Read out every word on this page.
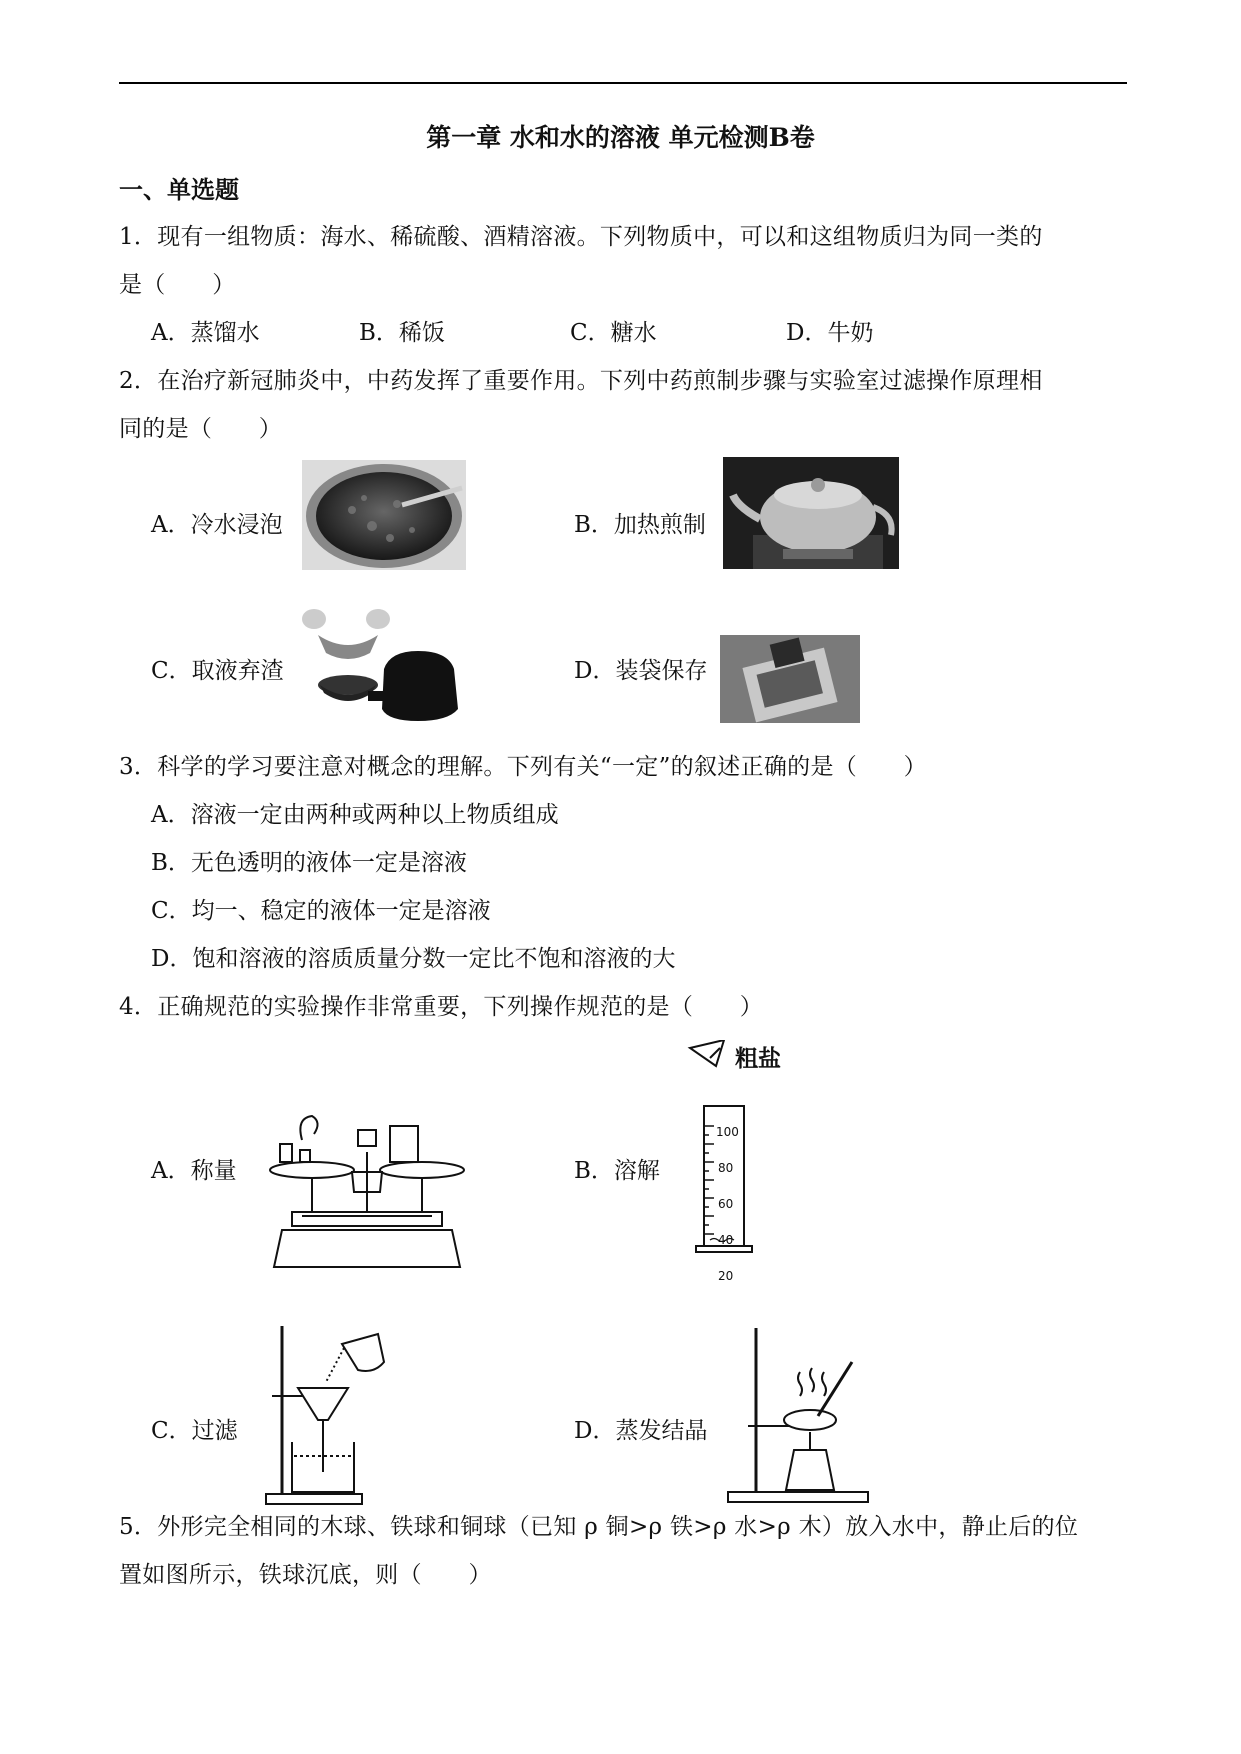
第一章 水和水的溶液 单元检测B卷
一、单选题
1．现有一组物质：海水、稀硫酸、酒精溶液。下列物质中，可以和这组物质归为同一类的
是（　　）
A．蒸馏水	B．稀饭	C．糖水	D．牛奶
2．在治疗新冠肺炎中，中药发挥了重要作用。下列中药煎制步骤与实验室过滤操作原理相
同的是（　　）
A．冷水浸泡	B．加热煎制
C．取液弃渣	D．装袋保存
3．科学的学习要注意对概念的理解。下列有关“一定”的叙述正确的是（　　）
A．溶液一定由两种或两种以上物质组成
B．无色透明的液体一定是溶液
C．均一、稳定的液体一定是溶液
D．饱和溶液的溶质质量分数一定比不饱和溶液的大
4．正确规范的实验操作非常重要，下列操作规范的是（　　）
A．称量	B．溶解
粗盐
100
80
60
40
20
C．过滤	D．蒸发结晶
5．外形完全相同的木球、铁球和铜球（已知 ρ 铜>ρ 铁>ρ 水>ρ 木）放入水中，静止后的位
置如图所示，铁球沉底，则（　　）
